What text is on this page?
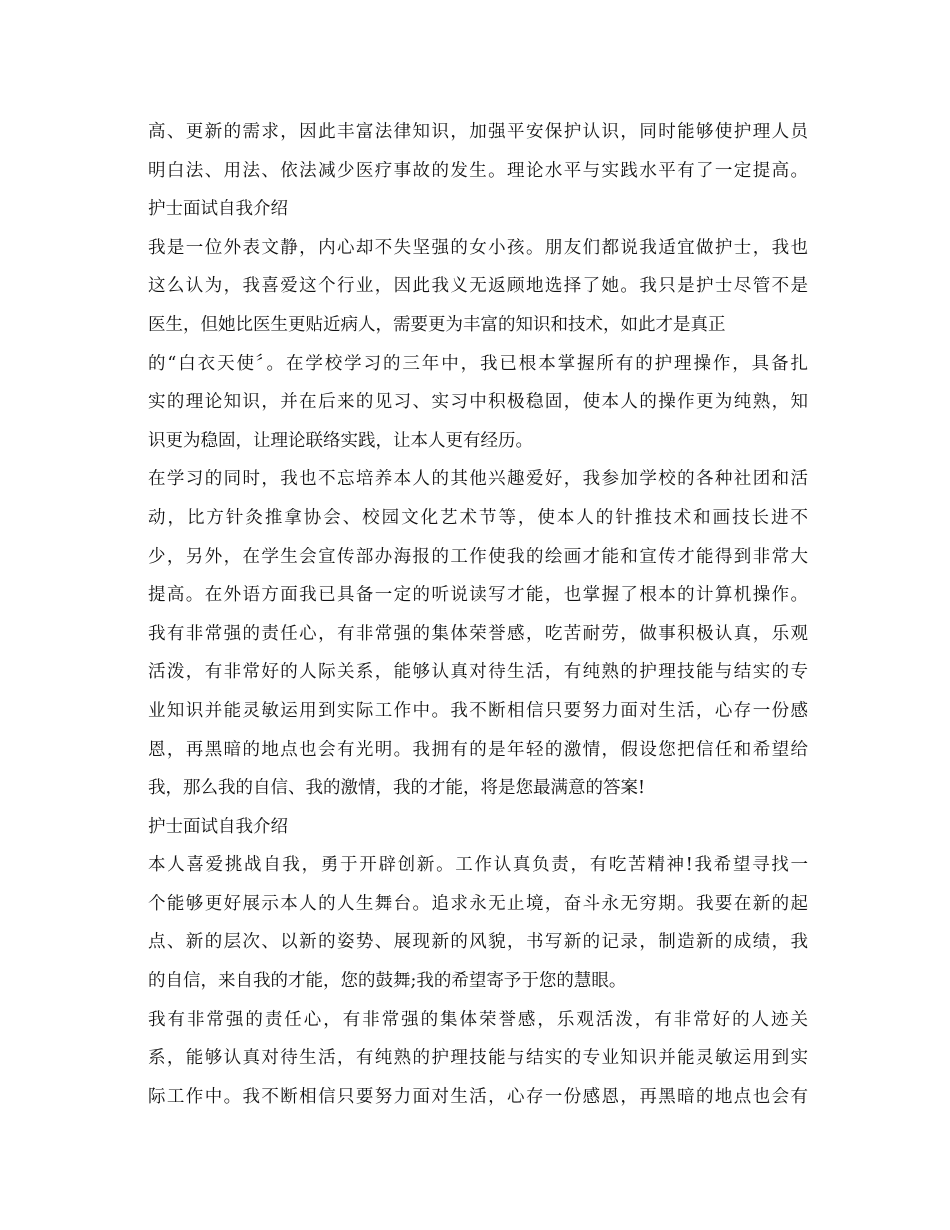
高、更新的需求，因此丰富法律知识，加强平安保护认识，同时能够使护理人员
明白法、用法、依法减少医疗事故的发生。理论水平与实践水平有了一定提高。
护士面试自我介绍
我是一位外表文静，内心却不失坚强的女小孩。朋友们都说我适宜做护士，我也
这么认为，我喜爱这个行业，因此我义无返顾地选择了她。我只是护士尽管不是
医生，但她比医生更贴近病人，需要更为丰富的知识和技术，如此才是真正
的“白衣天使〞。在学校学习的三年中，我已根本掌握所有的护理操作，具备扎
实的理论知识，并在后来的见习、实习中积极稳固，使本人的操作更为纯熟，知
识更为稳固，让理论联络实践，让本人更有经历。
在学习的同时，我也不忘培养本人的其他兴趣爱好，我参加学校的各种社团和活
动，比方针灸推拿协会、校园文化艺术节等，使本人的针推技术和画技长进不
少，另外，在学生会宣传部办海报的工作使我的绘画才能和宣传才能得到非常大
提高。在外语方面我已具备一定的听说读写才能，也掌握了根本的计算机操作。
我有非常强的责任心，有非常强的集体荣誉感，吃苦耐劳，做事积极认真，乐观
活泼，有非常好的人际关系，能够认真对待生活，有纯熟的护理技能与结实的专
业知识并能灵敏运用到实际工作中。我不断相信只要努力面对生活，心存一份感
恩，再黑暗的地点也会有光明。我拥有的是年轻的激情，假设您把信任和希望给
我，那么我的自信、我的激情，我的才能，将是您最满意的答案!
护士面试自我介绍
本人喜爱挑战自我，勇于开辟创新。工作认真负责，有吃苦精神!我希望寻找一
个能够更好展示本人的人生舞台。追求永无止境，奋斗永无穷期。我要在新的起
点、新的层次、以新的姿势、展现新的风貌，书写新的记录，制造新的成绩，我
的自信，来自我的才能，您的鼓舞;我的希望寄予于您的慧眼。
我有非常强的责任心，有非常强的集体荣誉感，乐观活泼，有非常好的人迹关
系，能够认真对待生活，有纯熟的护理技能与结实的专业知识并能灵敏运用到实
际工作中。我不断相信只要努力面对生活，心存一份感恩，再黑暗的地点也会有
